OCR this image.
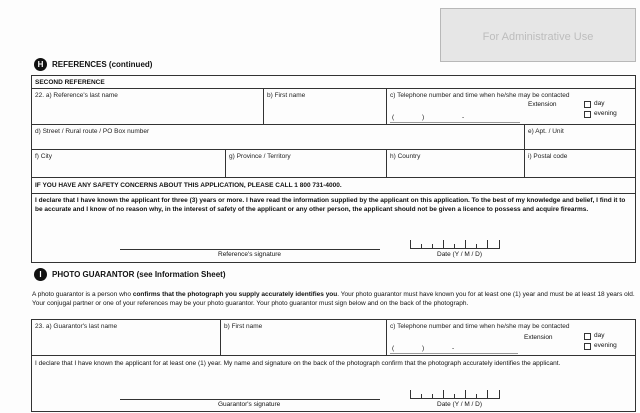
For Administrative Use
H	REFERENCES (continued)
SECOND REFERENCE
22. a) Reference's last name	b) First name	c) Telephone number and time when he/she may be contacted
Extension	day
evening
(	)	-
d) Street / Rural route / PO Box number	e) Apt. / Unit
f) City	g) Province / Territory	h) Country	i) Postal code
IF YOU HAVE ANY SAFETY CONCERNS ABOUT THIS APPLICATION, PLEASE CALL 1 800 731-4000.
I declare that I have known the applicant for three (3) years or more. I have read the information supplied by the applicant on this application. To the best of my knowledge and belief, I find it to be accurate and I know of no reason why, in the interest of safety of the applicant or any other person, the applicant should not be given a licence to possess and acquire firearms.
Reference's signature	Date (Y / M / D)
I	PHOTO GUARANTOR (see Information Sheet)
A photo guarantor is a person who confirms that the photograph you supply accurately identifies you. Your photo guarantor must have known you for at least one (1) year and must be at least 18 years old. Your conjugal partner or one of your references may be your photo guarantor. Your photo guarantor must sign below and on the back of the photograph.
23. a) Guarantor's last name	b) First name	c) Telephone number and time when he/she may be contacted
Extension	day
evening
(	)	-
I declare that I have known the applicant for at least one (1) year. My name and signature on the back of the photograph confirm that the photograph accurately identifies the applicant.
Guarantor's signature	Date (Y / M / D)
